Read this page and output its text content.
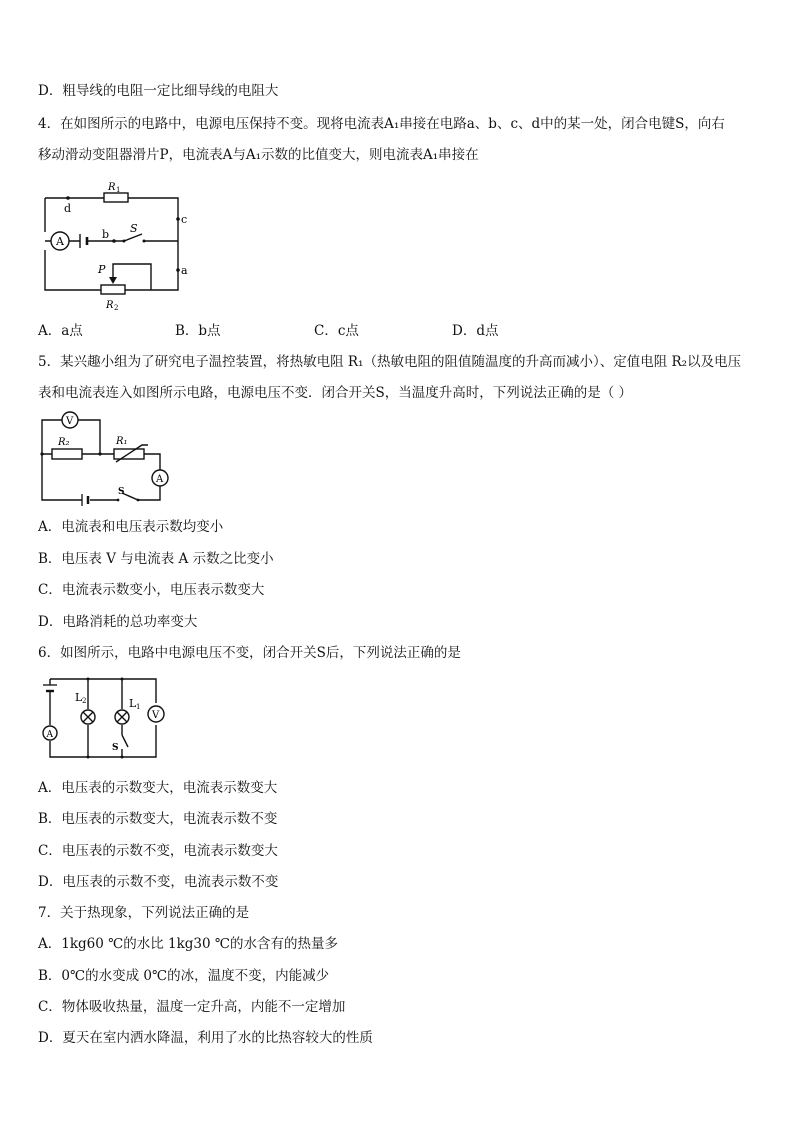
D．粗导线的电阻一定比细导线的电阻大
4．在如图所示的电路中，电源电压保持不变。现将电流表A₁串接在电路a、b、c、d中的某一处，闭合电键S，向右
移动滑动变阻器滑片P，电流表A与A₁示数的比值变大，则电流表A₁串接在
R 1
d
c
A
b S
a
R 2
P
A．a点	B．b点	C．c点	D．d点
5．某兴趣小组为了研究电子温控装置，将热敏电阻 R₁（热敏电阻的阻值随温度的升高而减小）、定值电阻 R₂以及电压
表和电流表连入如图所示电路，电源电压不变．闭合开关S，当温度升高时，下列说法正确的是（ ）
V
R₂	R₁
A
S
A．电流表和电压表示数均变小
B．电压表 V 与电流表 A 示数之比变小
C．电流表示数变小，电压表示数变大
D．电路消耗的总功率变大
6．如图所示，电路中电源电压不变，闭合开关S后，下列说法正确的是
A
L 2	L 1
S
V
A．电压表的示数变大，电流表示数变大
B．电压表的示数变大，电流表示数不变
C．电压表的示数不变，电流表示数变大
D．电压表的示数不变，电流表示数不变
7．关于热现象，下列说法正确的是
A．1kg60 ℃的水比 1kg30 ℃的水含有的热量多
B．0℃的水变成 0℃的冰，温度不变，内能减少
C．物体吸收热量，温度一定升高，内能不一定增加
D．夏天在室内洒水降温，利用了水的比热容较大的性质
